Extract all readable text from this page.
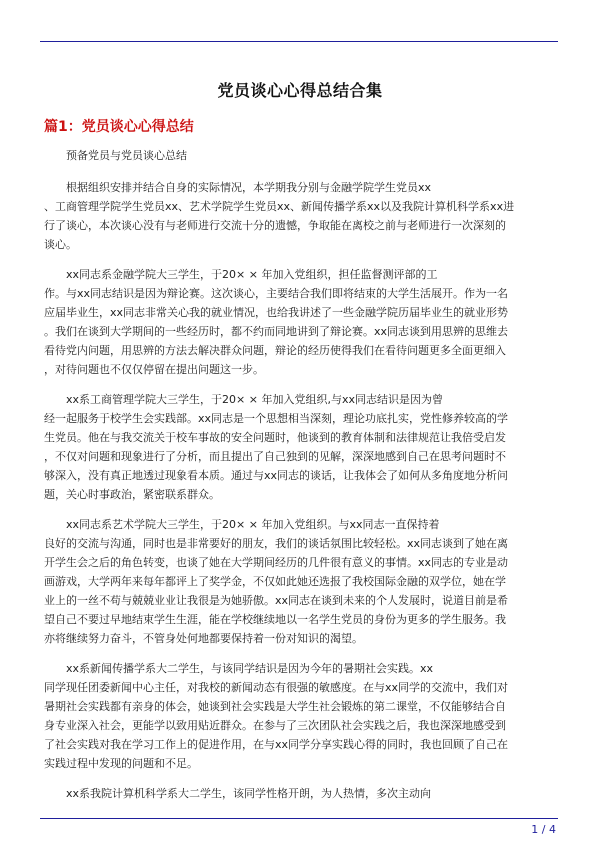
党员谈心心得总结合集
篇1：党员谈心心得总结

预备党员与党员谈心总结

根据组织安排并结合自身的实际情况，本学期我分别与金融学院学生党员xx
、工商管理学院学生党员xx、艺术学院学生党员xx、新闻传播学系xx以及我院计算机科学系xx进
行了谈心，本次谈心没有与老师进行交流十分的遗憾，争取能在离校之前与老师进行一次深刻的
谈心。

xx同志系金融学院大三学生，于20× × 年加入党组织，担任监督测评部的工
作。与xx同志结识是因为辩论赛。这次谈心，主要结合我们即将结束的大学生活展开。作为一名
应届毕业生，xx同志非常关心我的就业情况，也给我讲述了一些金融学院历届毕业生的就业形势
。我们在谈到大学期间的一些经历时，都不约而同地讲到了辩论赛。xx同志谈到用思辨的思维去
看待党内问题，用思辨的方法去解决群众问题，辩论的经历使得我们在看待问题更多全面更细入
，对待问题也不仅仅停留在提出问题这一步。

xx系工商管理学院大三学生，于20× × 年加入党组织,与xx同志结识是因为曾
经一起服务于校学生会实践部。xx同志是一个思想相当深刻，理论功底扎实，党性修养较高的学
生党员。他在与我交流关于校车事故的安全问题时，他谈到的教育体制和法律规范让我倍受启发
，不仅对问题和现象进行了分析，而且提出了自己独到的见解，深深地感到自己在思考问题时不
够深入，没有真正地透过现象看本质。通过与xx同志的谈话，让我体会了如何从多角度地分析问
题，关心时事政治，紧密联系群众。

xx同志系艺术学院大三学生，于20× × 年加入党组织。与xx同志一直保持着
良好的交流与沟通，同时也是非常要好的朋友，我们的谈话氛围比较轻松。xx同志谈到了她在离
开学生会之后的角色转变，也谈了她在大学期间经历的几件很有意义的事情。xx同志的专业是动
画游戏，大学两年来每年都评上了奖学金，不仅如此她还选报了我校国际金融的双学位，她在学
业上的一丝不苟与兢兢业业让我很是为她骄傲。xx同志在谈到未来的个人发展时，说道目前是希
望自己不要过早地结束学生生涯，能在学校继续地以一名学生党员的身份为更多的学生服务。我
亦将继续努力奋斗，不管身处何地都要保持着一份对知识的渴望。

xx系新闻传播学系大二学生，与该同学结识是因为今年的暑期社会实践。xx
同学现任团委新闻中心主任，对我校的新闻动态有很强的敏感度。在与xx同学的交流中，我们对
暑期社会实践都有亲身的体会，她谈到社会实践是大学生社会锻炼的第二课堂，不仅能够结合自
身专业深入社会，更能学以致用贴近群众。在参与了三次团队社会实践之后，我也深深地感受到
了社会实践对我在学习工作上的促进作用，在与xx同学分享实践心得的同时，我也回顾了自己在
实践过程中发现的问题和不足。

xx系我院计算机科学系大二学生，该同学性格开朗，为人热情，多次主动向

1 / 4
